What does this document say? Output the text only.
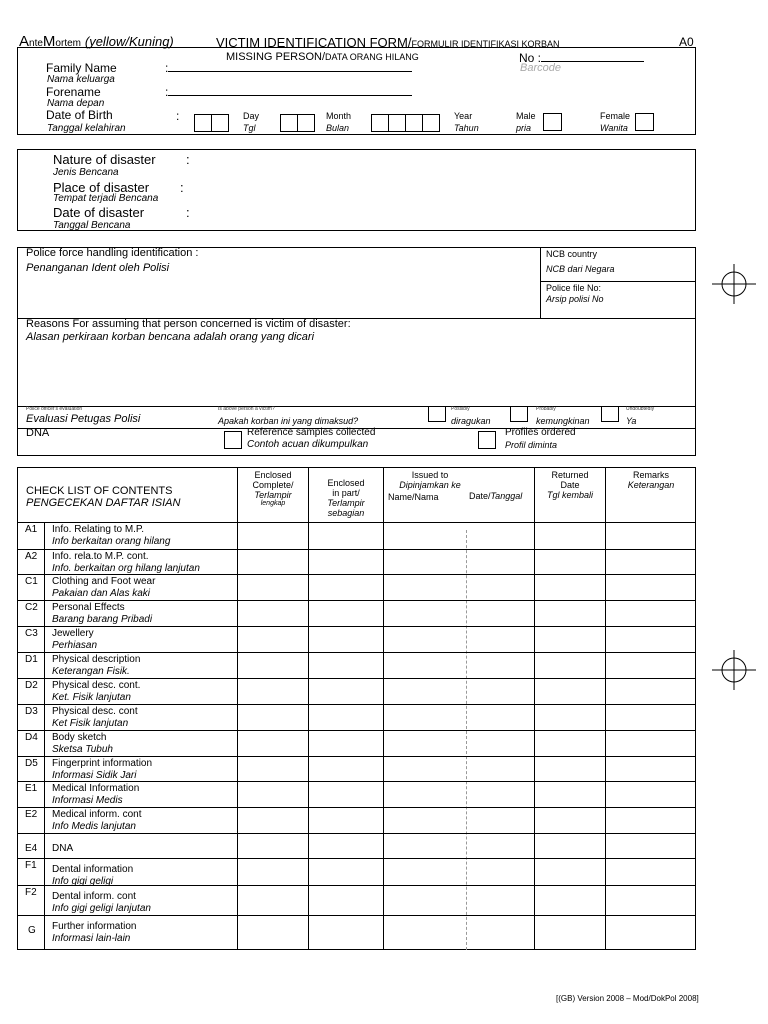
AnteMortem (yellow/Kuning)	VICTIM IDENTIFICATION FORM/FORMULIR IDENTIFIKASI KORBAN	A0
MISSING PERSON/DATA ORANG HILANG	No :
Barcode
Family Name
Nama keluarga
:
Forename
Nama depan
:
Date of Birth
Tanggal kelahiran
:	Day
Tgl
Month
Bulan
Year
Tahun
Male
pria
Female
Wanita
Nature of disaster :
Jenis Bencana
Place of disaster :
Tempat terjadi Bencana
Date of disaster	:
Tanggal Bencana
Police force handling identification :
Penanganan Ident oleh Polisi
NCB country
NCB dari Negara
Police file No:
Arsip polisi No
Reasons For assuming that person concerned is victim of disaster:
Alasan perkiraan korban bencana adalah orang yang dicari
Police officer's evaluation
Evaluasi Petugas Polisi
Is above person a victim?
Apakah korban ini yang dimaksud?
Possibly
diragukan
Probably
kemungkinan
Undoubtedly
Ya
DNA	Reference samples collected
Contoh acuan dikumpulkan
Profiles ordered
Profil diminta
CHECK LIST OF CONTENTS
PENGECEKAN DAFTAR ISIAN
Enclosed
Complete/
Terlampir
lengkap
Enclosed
in part/
Terlampir
sebagian
Issued to
Dipinjamkan ke
Name/Nama	Date/Tanggal
Returned
Date
Tgl kembali
Remarks
Keterangan
A1 Info. Relating to M.P.
Info berkaitan orang hilang
A2 Info. rela.to M.P. cont.
Info. berkaitan org hilang lanjutan
C1 Clothing and Foot wear
Pakaian dan Alas kaki
C2 Personal Effects
Barang barang Pribadi
C3 Jewellery
Perhiasan
D1 Physical description
Keterangan Fisik.
D2 Physical desc. cont.
Ket. Fisik lanjutan
D3 Physical desc. cont
Ket Fisik lanjutan
D4 Body sketch
Sketsa Tubuh
D5 Fingerprint information
Informasi Sidik Jari
E1 Medical Information
Informasi Medis
E2 Medical inform. cont
Info Medis lanjutan
E4 DNA
F1 Dental information
Info gigi geligi
F2 Dental inform. cont
Info gigi geligi lanjutan
G Further information
Informasi lain-lain
[(GB) Version 2008 – Mod/DokPol 2008]
